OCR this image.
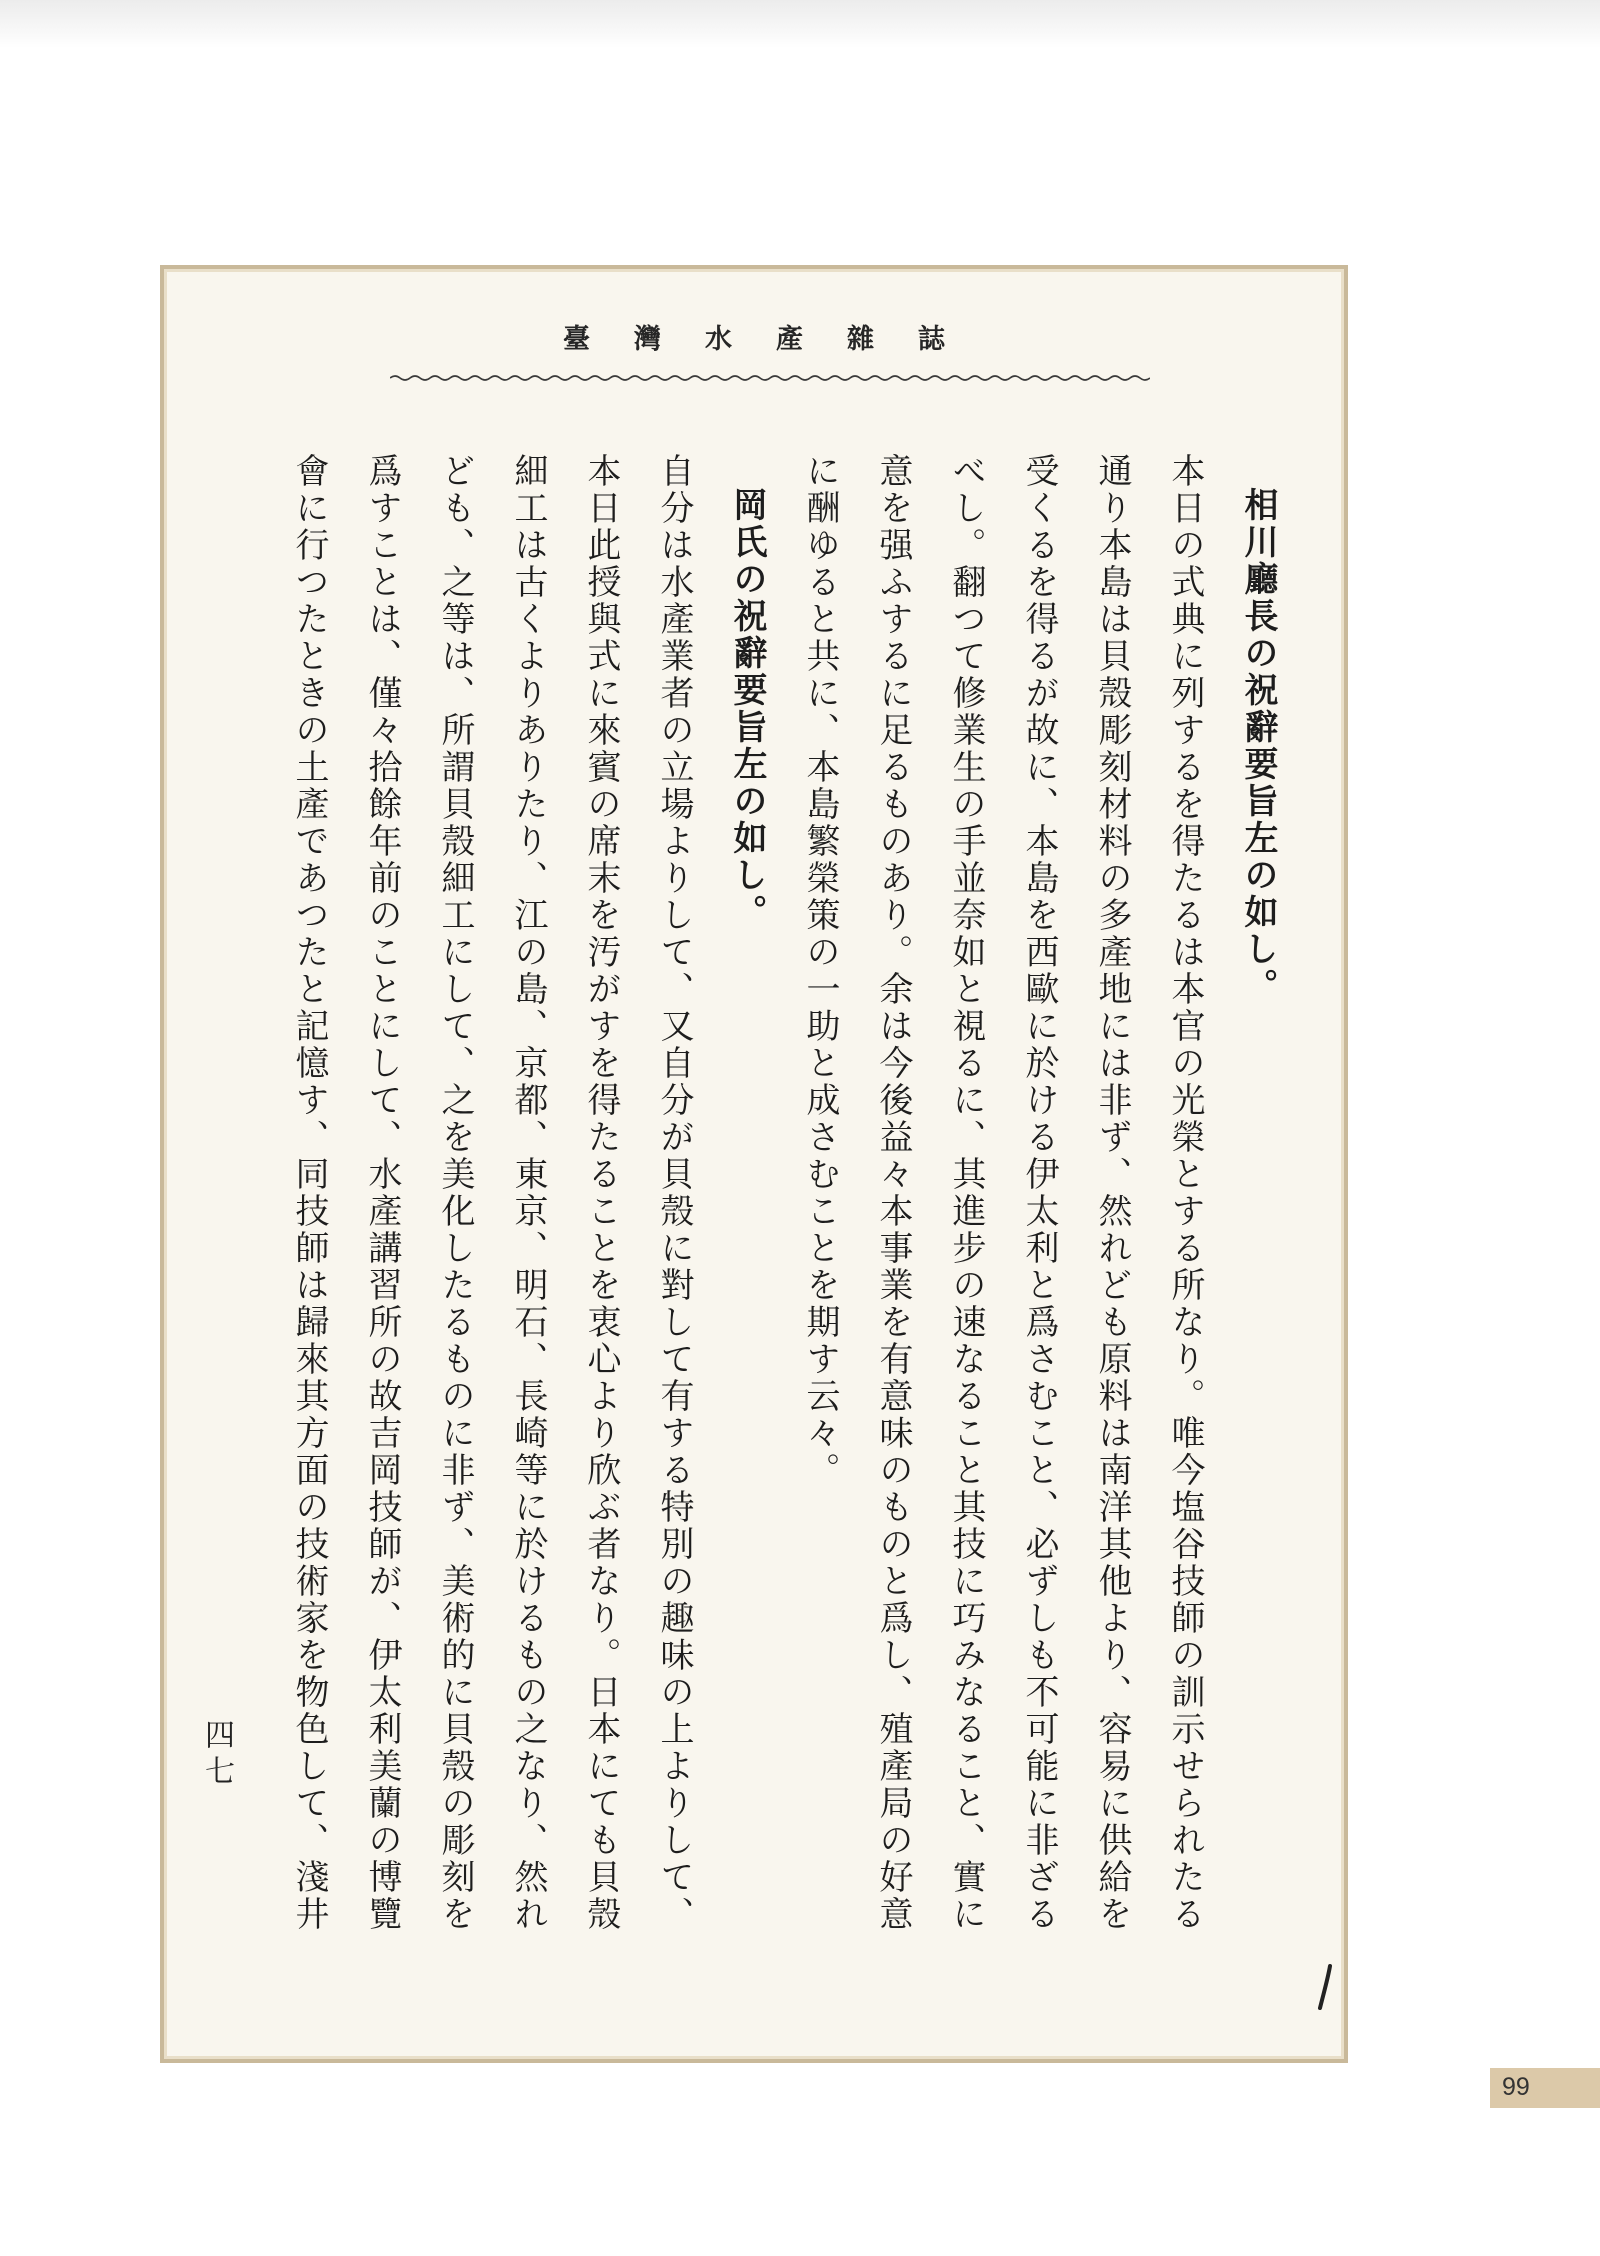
臺灣水產雜誌

相川廳長の祝辭要旨左の如し。

本日の式典に列するを得たるは本官の光榮とする所なり。唯今塩谷技師の訓示せられたる通り本島は貝殼彫刻材料の多產地には非ず、然れども原料は南洋其他より、容易に供給を受くるを得るが故に、本島を西歐に於ける伊太利と爲さむこと、必ずしも不可能に非ざるべし。翻つて修業生の手並奈如と視るに、其進步の速なること其技に巧みなること、實に意を强ふするに足るものあり。余は今後益々本事業を有意味のものと爲し、殖產局の好意に酬ゆると共に、本島繁榮策の一助と成さむことを期す云々。

岡氏の祝辭要旨左の如し。

自分は水產業者の立場よりして、又自分が貝殼に對して有する特別の趣味の上よりして、本日此授與式に來賓の席末を汚がすを得たることを衷心より欣ぶ者なり。日本にても貝殼細工は古くよりありたり、江の島、京都、東京、明石、長崎等に於けるもの之なり、然れども、之等は、所謂貝殼細工にして、之を美化したるものに非ず、美術的に貝殼の彫刻を爲すことは、僅々拾餘年前のことにして、水產講習所の故吉岡技師が、伊太利美蘭の博覽會に行つたときの土產であつたと記憶す、同技師は歸來其方面の技術家を物色して、淺井

四七
99
